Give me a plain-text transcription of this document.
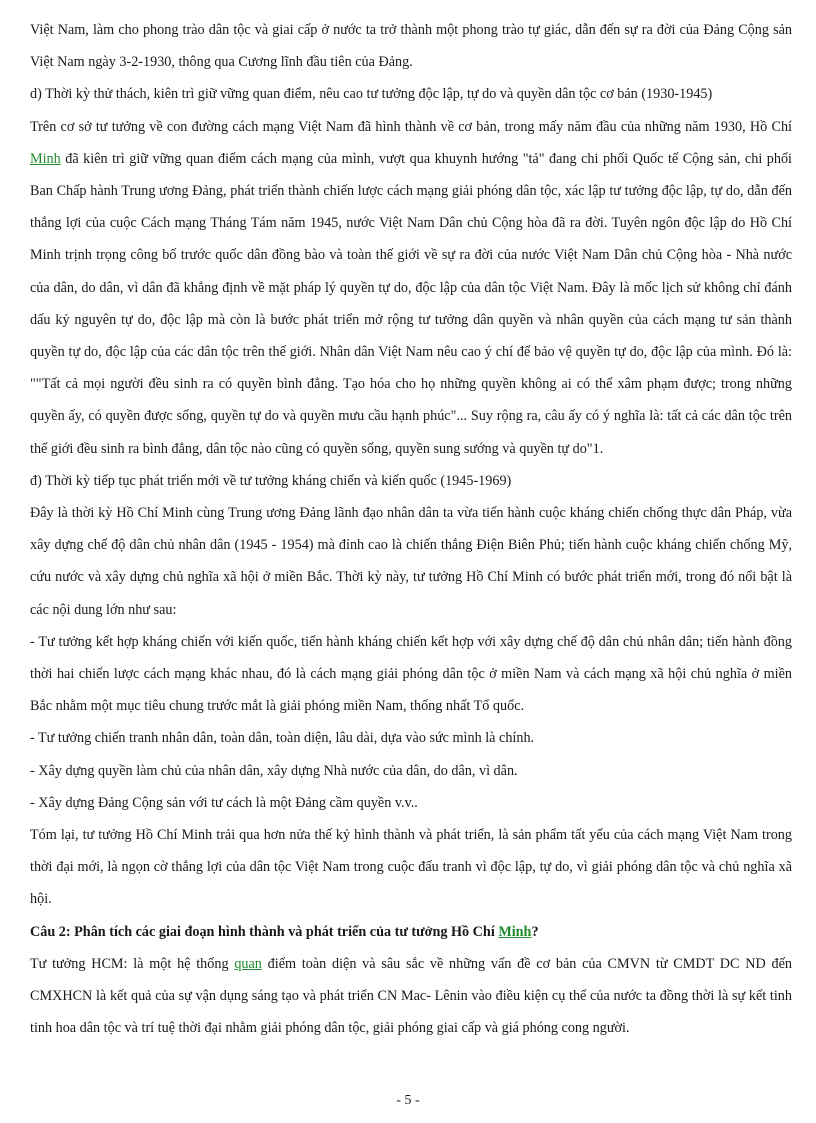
Việt Nam, làm cho phong trào dân tộc và giai cấp ở nước ta trở thành một phong trào tự giác, dẫn đến sự ra đời của Đảng Cộng sản Việt Nam ngày 3-2-1930, thông qua Cương lĩnh đầu tiên của Đảng.

d) Thời kỳ thử thách, kiên trì giữ vững quan điểm, nêu cao tư tưởng độc lập, tự do và quyền dân tộc cơ bản (1930-1945)

Trên cơ sở tư tưởng về con đường cách mạng Việt Nam đã hình thành về cơ bản, trong mấy năm đầu của những năm 1930, Hồ Chí Minh đã kiên trì giữ vững quan điểm cách mạng của mình, vượt qua khuynh hướng "tả" đang chi phối Quốc tế Cộng sản, chi phối Ban Chấp hành Trung ương Đảng, phát triển thành chiến lược cách mạng giải phóng dân tộc, xác lập tư tưởng độc lập, tự do, dẫn đến thắng lợi của cuộc Cách mạng Tháng Tám năm 1945, nước Việt Nam Dân chủ Cộng hòa đã ra đời. Tuyên ngôn độc lập do Hồ Chí Minh trịnh trọng công bố trước quốc dân đồng bào và toàn thế giới về sự ra đời của nước Việt Nam Dân chủ Cộng hòa - Nhà nước của dân, do dân, vì dân đã khẳng định về mặt pháp lý quyền tự do, độc lập của dân tộc Việt Nam. Đây là mốc lịch sử không chỉ đánh dấu kỷ nguyên tự do, độc lập mà còn là bước phát triển mở rộng tư tưởng dân quyền và nhân quyền của cách mạng tư sản thành quyền tự do, độc lập của các dân tộc trên thế giới. Nhân dân Việt Nam nêu cao ý chí để bảo vệ quyền tự do, độc lập của mình. Đó là: ""Tất cả mọi người đều sinh ra có quyền bình đẳng. Tạo hóa cho họ những quyền không ai có thể xâm phạm được; trong những quyền ấy, có quyền được sống, quyền tự do và quyền mưu cầu hạnh phúc"... Suy rộng ra, câu ấy có ý nghĩa là: tất cả các dân tộc trên thế giới đều sinh ra bình đẳng, dân tộc nào cũng có quyền sống, quyền sung sướng và quyền tự do"1.

đ) Thời kỳ tiếp tục phát triển mới về tư tưởng kháng chiến và kiến quốc (1945-1969)

Đây là thời kỳ Hồ Chí Minh cùng Trung ương Đảng lãnh đạo nhân dân ta vừa tiến hành cuộc kháng chiến chống thực dân Pháp, vừa xây dựng chế độ dân chủ nhân dân (1945 - 1954) mà đỉnh cao là chiến thắng Điện Biên Phủ; tiến hành cuộc kháng chiến chống Mỹ, cứu nước và xây dựng chủ nghĩa xã hội ở miền Bắc. Thời kỳ này, tư tưởng Hồ Chí Minh có bước phát triển mới, trong đó nổi bật là các nội dung lớn như sau:

- Tư tưởng kết hợp kháng chiến với kiến quốc, tiến hành kháng chiến kết hợp với xây dựng chế độ dân chủ nhân dân; tiến hành đồng thời hai chiến lược cách mạng khác nhau, đó là cách mạng giải phóng dân tộc ở miền Nam và cách mạng xã hội chủ nghĩa ở miền Bắc nhằm một mục tiêu chung trước mắt là giải phóng miền Nam, thống nhất Tổ quốc.

- Tư tưởng chiến tranh nhân dân, toàn dân, toàn diện, lâu dài, dựa vào sức mình là chính.

- Xây dựng quyền làm chủ của nhân dân, xây dựng Nhà nước của dân, do dân, vì dân.

- Xây dựng Đảng Cộng sản với tư cách là một Đảng cầm quyền v.v..

Tóm lại, tư tưởng Hồ Chí Minh trải qua hơn nửa thế kỷ hình thành và phát triển, là sản phẩm tất yếu của cách mạng Việt Nam trong thời đại mới, là ngọn cờ thắng lợi của dân tộc Việt Nam trong cuộc đấu tranh vì độc lập, tự do, vì giải phóng dân tộc và chủ nghĩa xã hội.

Câu 2: Phân tích các giai đoạn hình thành và phát triển của tư tưởng Hồ Chí Minh?

Tư tưởng HCM: là một hệ thống quan điểm toàn diện và sâu sắc về những vấn đề cơ bản của CMVN từ CMDT DC ND đến CMXHCN là kết quả của sự vận dụng sáng tạo và phát triển CN Mac- Lênin vào điều kiện cụ thể của nước ta đồng thời là sự kết tinh tinh hoa dân tộc và trí tuệ thời đại nhằm giải phóng dân tộc, giải phóng giai cấp và giá phóng cong người.

- 5 -
